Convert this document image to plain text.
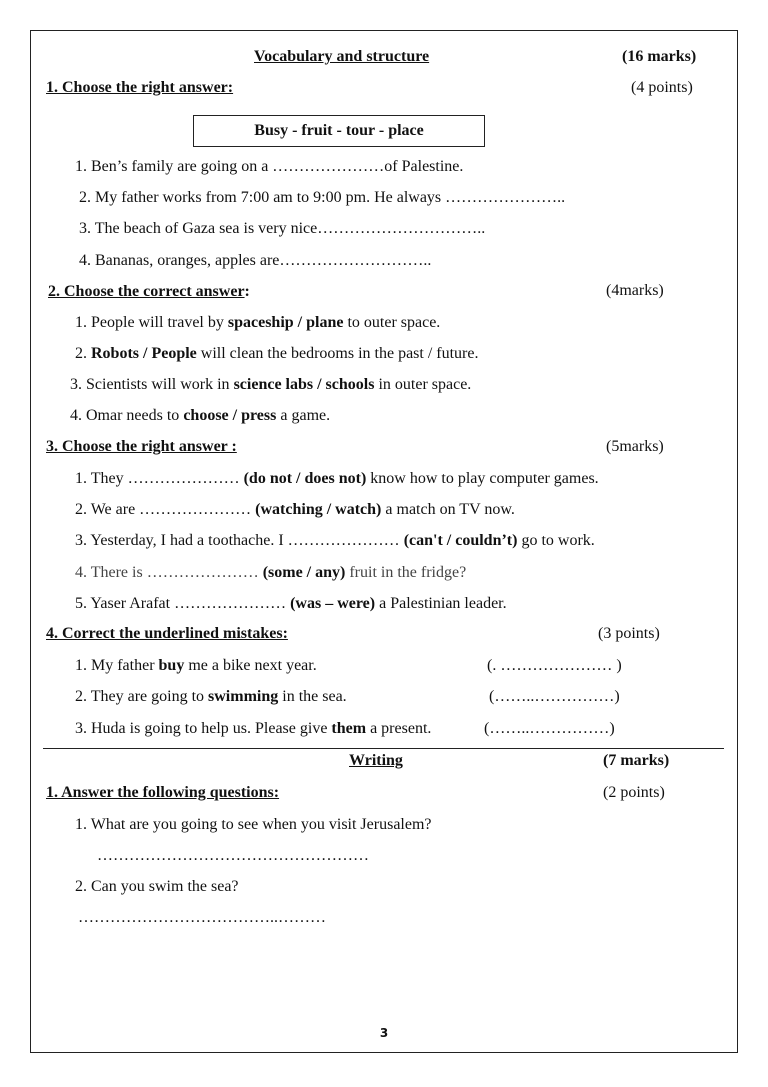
Vocabulary and structure	(16 marks)
1. Choose the right answer:	(4 points)
Busy - fruit - tour - place
1. Ben’s family are going on a …………………of Palestine.
2. My father works from 7:00 am to 9:00 pm. He always …………………..
3. The beach of Gaza sea is very nice…………………………..
4. Bananas, oranges, apples are………………………..
2. Choose the correct answer:	(4marks)
1. People will travel by spaceship / plane to outer space.
2. Robots / People will clean the bedrooms in the past / future.
3. Scientists will work in science labs / schools in outer space.
4. Omar needs to choose / press a game.
3. Choose the right answer :	(5marks)
1. They ………………… (do not / does not) know how to play computer games.
2. We are ………………… (watching / watch) a match on TV now.
3. Yesterday, I had a toothache. I ………………… (can't / couldn’t) go to work.
4. There is ………………… (some / any) fruit in the fridge?
5. Yaser Arafat ………………… (was – were) a Palestinian leader.
4. Correct the underlined mistakes:	(3 points)
1. My father buy me a bike next year.	(. ………………… )
2. They are going to swimming in the sea.	(……..……………)
3. Huda is going to help us. Please give them a present.	(……..……………)
Writing	(7 marks)
1. Answer the following questions:	(2 points)
1. What are you going to see when you visit Jerusalem?
……………………………………………
2. Can you swim the sea?
………………………………..………
3
